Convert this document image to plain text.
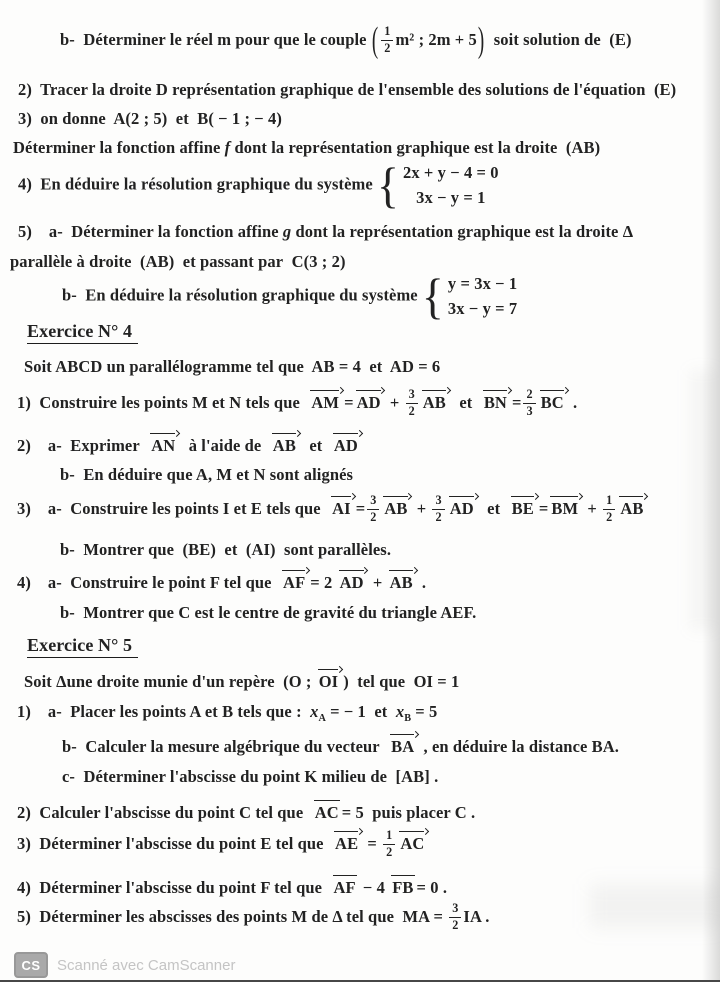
b-  Déterminer le réel m pour que le couple ( $\frac{1}{2} m^2$ ; 2m + 5)  soit solution de  (E)
2)  Tracer la droite D représentation graphique de l'ensemble des solutions de l'équation  (E)
3)  on donne  A(2 ; 5)  et  B( − 1 ; − 4)
Déterminer la fonction affine f dont la représentation graphique est la droite  (AB)
4)  En déduire la résolution graphique du système { 2x + y − 4 = 0
3x − y = 1
5)    a-  Déterminer la fonction affine g dont la représentation graphique est la droite Δ
parallèle à droite  (AB)  et passant par  C(3 ; 2)
b-  En déduire la résolution graphique du système { y = 3x − 1
3x − y = 7
Exercice N° 4
Soit ABCD un parallélogramme tel que  AB = 4  et  AD = 6
1)  Construire les points M et N tels que  AM = AD + $\frac{3}{2}$ AB  et  BN = $\frac{2}{3}$ BC .
2)    a-  Exprimer  AN  à l'aide de  AB  et  AD
b-  En déduire que A, M et N sont alignés
3)    a-  Construire les points I et E tels que  AI = $\frac{3}{2}$ AB + $\frac{3}{2}$ AD  et  BE = BM + $\frac{1}{2}$ AB
b-  Montrer que  (BE)  et  (AI)  sont parallèles.
4)    a-  Construire le point F tel que  AF = 2 AD + AB .
b-  Montrer que C est le centre de gravité du triangle AEF.
Exercice N° 5
Soit Δune droite munie d'un repère  (O ; OI )  tel que  OI = 1
1)    a-  Placer les points A et B tels que :  $x_A$ = − 1  et  $x_B = 5$
b-  Calculer la mesure algébrique du vecteur  BA , en déduire la distance BA.
c-  Déterminer l'abscisse du point K milieu de  [AB] .
2)  Calculer l'abscisse du point C tel que  AC = 5  puis placer C .
3)  Déterminer l'abscisse du point E tel que  AE = $\frac{1}{2}$ AC
4)  Déterminer l'abscisse du point F tel que  AF − 4 FB = 0 .
5)  Déterminer les abscisses des points M de Δ tel que  MA = $\frac{3}{2}$ IA .
CS	Scanné avec CamScanner
